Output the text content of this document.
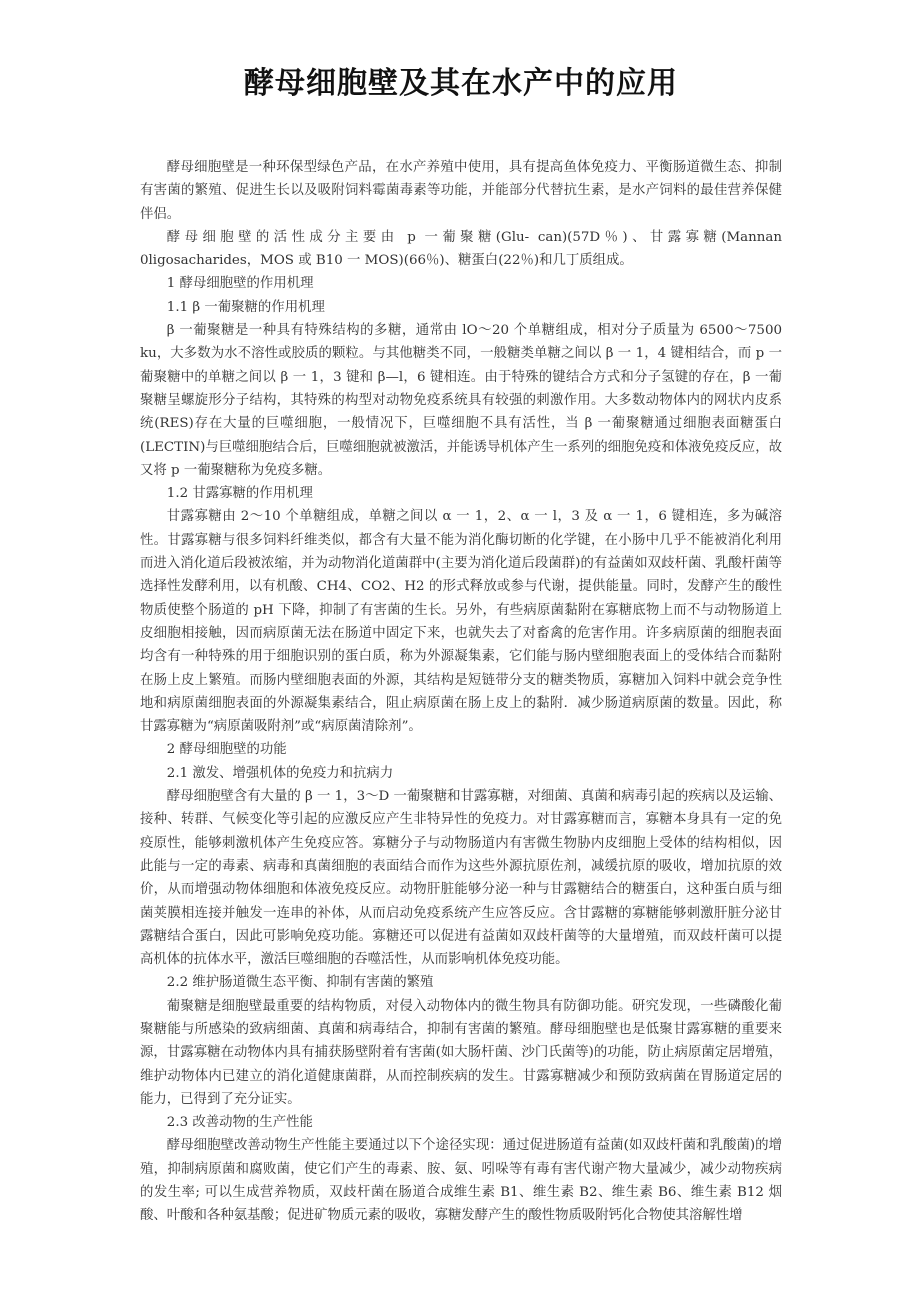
酵母细胞壁及其在水产中的应用

酵母细胞壁是一种环保型绿色产品，在水产养殖中使用，具有提高鱼体免疫力、平衡肠道微生态、抑制有害菌的繁殖、促进生长以及吸附饲料霉菌毒素等功能，并能部分代替抗生素，是水产饲料的最佳营养保健伴侣。

酵母细胞壁的活性成分主要由 p 一葡聚糖(Glu- can)(57D％)、甘露寡糖(Mannan 0ligosacharides，MOS 或 B10 一 MOS)(66％)、糖蛋白(22％)和几丁质组成。

1 酵母细胞壁的作用机理

1.1 β 一葡聚糖的作用机理

β 一葡聚糖是一种具有特殊结构的多糖，通常由 lO～20 个单糖组成，相对分子质量为 6500～7500 ku，大多数为水不溶性或胶质的颗粒。与其他糖类不同，一般糖类单糖之间以 β 一 1，4 键相结合，而 p 一葡聚糖中的单糖之间以 β 一 1，3 键和 β—l，6 键相连。由于特殊的键结合方式和分子氢键的存在，β 一葡聚糖呈螺旋形分子结构，其特殊的构型对动物免疫系统具有较强的刺激作用。大多数动物体内的网状内皮系统(RES)存在大量的巨噬细胞，一般情况下，巨噬细胞不具有活性，当 β 一葡聚糖通过细胞表面糖蛋白(LECTIN)与巨噬细胞结合后，巨噬细胞就被激活，并能诱导机体产生一系列的细胞免疫和体液免疫反应，故又将 p 一葡聚糖称为免疫多糖。

1.2 甘露寡糖的作用机理

甘露寡糖由 2～10 个单糖组成，单糖之间以 α 一 1，2、α 一 l，3 及 α 一 1，6 键相连，多为碱溶性。甘露寡糖与很多饲料纤维类似，都含有大量不能为消化酶切断的化学键，在小肠中几乎不能被消化利用而进入消化道后段被浓缩，并为动物消化道菌群中(主要为消化道后段菌群)的有益菌如双歧杆菌、乳酸杆菌等选择性发酵利用，以有机酸、CH4、CO2、H2 的形式释放或参与代谢，提供能量。同时，发酵产生的酸性物质使整个肠道的 pH 下降，抑制了有害菌的生长。另外，有些病原菌黏附在寡糖底物上而不与动物肠道上皮细胞相接触，因而病原菌无法在肠道中固定下来，也就失去了对畜禽的危害作用。许多病原菌的细胞表面均含有一种特殊的用于细胞识别的蛋白质，称为外源凝集素，它们能与肠内壁细胞表面上的受体结合而黏附在肠上皮上繁殖。而肠内壁细胞表面的外源，其结构是短链带分支的糖类物质，寡糖加入饲料中就会竞争性地和病原菌细胞表面的外源凝集素结合，阻止病原菌在肠上皮上的黏附．减少肠道病原菌的数量。因此，称甘露寡糖为“病原菌吸附剂”或“病原菌清除剂”。

2 酵母细胞壁的功能

2.1 激发、增强机体的免疫力和抗病力

酵母细胞壁含有大量的 β 一 1，3～D 一葡聚糖和甘露寡糖，对细菌、真菌和病毒引起的疾病以及运输、接种、转群、气候变化等引起的应激反应产生非特异性的免疫力。对甘露寡糖而言，寡糖本身具有一定的免疫原性，能够刺激机体产生免疫应答。寡糖分子与动物肠道内有害微生物胁内皮细胞上受体的结构相似，因此能与一定的毒素、病毒和真菌细胞的表面结合而作为这些外源抗原佐剂，减缓抗原的吸收，增加抗原的效价，从而增强动物体细胞和体液免疫反应。动物肝脏能够分泌一种与甘露糖结合的糖蛋白，这种蛋白质与细菌荚膜相连接并触发一连串的补体，从而启动免疫系统产生应答反应。含甘露糖的寡糖能够刺激肝脏分泌甘露糖结合蛋白，因此可影响免疫功能。寡糖还可以促进有益菌如双歧杆菌等的大量增殖，而双歧杆菌可以提高机体的抗体水平，激活巨噬细胞的吞噬活性，从而影响机体免疫功能。

2.2 维护肠道微生态平衡、抑制有害菌的繁殖

葡聚糖是细胞壁最重要的结构物质，对侵入动物体内的微生物具有防御功能。研究发现，一些磷酸化葡聚糖能与所感染的致病细菌、真菌和病毒结合，抑制有害菌的繁殖。酵母细胞壁也是低聚甘露寡糖的重要来源，甘露寡糖在动物体内具有捕获肠壁附着有害菌(如大肠杆菌、沙门氏菌等)的功能，防止病原菌定居增殖，维护动物体内已建立的消化道健康菌群，从而控制疾病的发生。甘露寡糖减少和预防致病菌在胃肠道定居的能力，已得到了充分证实。

2.3 改善动物的生产性能

酵母细胞壁改善动物生产性能主要通过以下个途径实现：通过促进肠道有益菌(如双歧杆菌和乳酸菌)的增殖，抑制病原菌和腐败菌，使它们产生的毒素、胺、氨、吲哚等有毒有害代谢产物大量减少，减少动物疾病的发生率; 可以生成营养物质，双歧杆菌在肠道合成维生素 B1、维生素 B2、维生素 B6、维生素 B12 烟酸、叶酸和各种氨基酸；促进矿物质元素的吸收，寡糖发酵产生的酸性物质吸附钙化合物使其溶解性增
